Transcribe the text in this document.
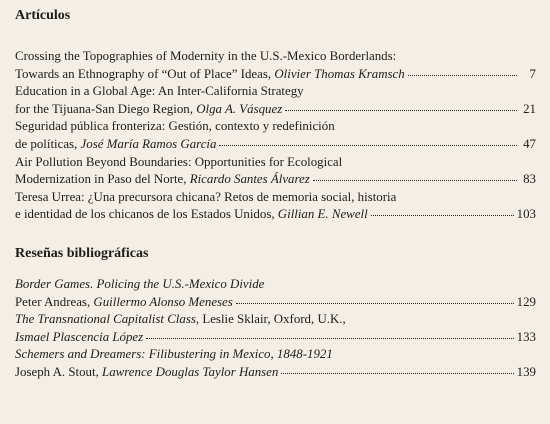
Artículos
Crossing the Topographies of Modernity in the U.S.-Mexico Borderlands:
Towards an Ethnography of “Out of Place” Ideas, Olivier Thomas Kramsch	7
Education in a Global Age: An Inter-California Strategy
for the Tijuana-San Diego Region, Olga A. Vásquez	21
Seguridad pública fronteriza: Gestión, contexto y redefinición
de políticas, José María Ramos García	47
Air Pollution Beyond Boundaries: Opportunities for Ecological
Modernization in Paso del Norte, Ricardo Santes Álvarez	83
Teresa Urrea: ¿Una precursora chicana? Retos de memoria social, historia
e identidad de los chicanos de los Estados Unidos, Gillian E. Newell	103
Reseñas bibliográficas
Border Games. Policing the U.S.-Mexico Divide
Peter Andreas, Guillermo Alonso Meneses	129
The Transnational Capitalist Class, Leslie Sklair, Oxford, U.K.,
Ismael Plascencia López	133
Schemers and Dreamers: Filibustering in Mexico, 1848-1921
Joseph A. Stout, Lawrence Douglas Taylor Hansen	139
